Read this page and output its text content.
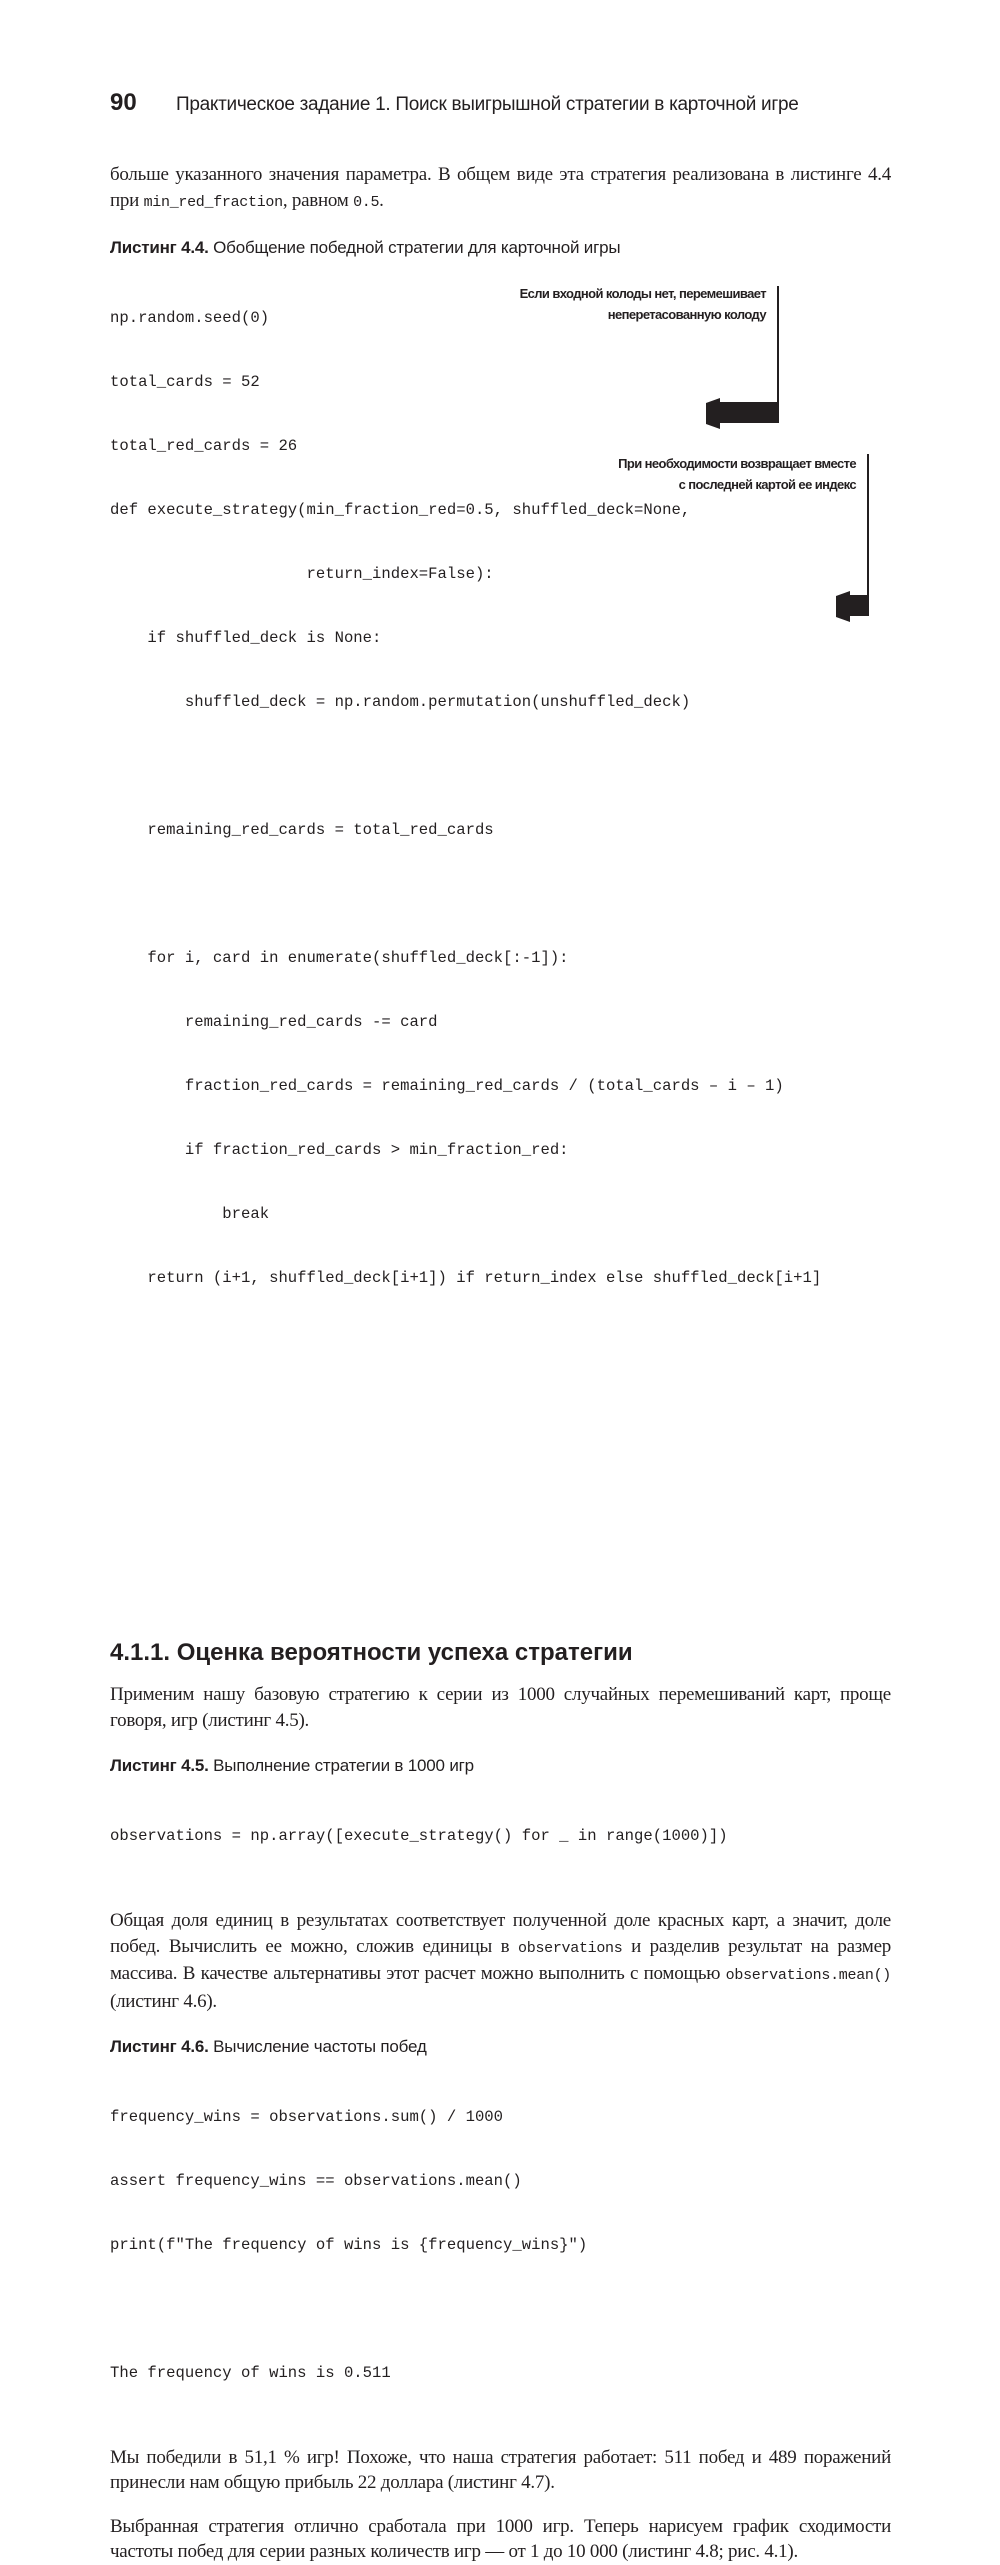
90	Практическое задание 1. Поиск выигрышной стратегии в карточной игре

больше указанного значения параметра. В общем виде эта стратегия реализована в листинге 4.4 при min_red_fraction, равном 0.5.

Листинг 4.4. Обобщение победной стратегии для карточной игры

np.random.seed(0)

total_cards = 52

total_red_cards = 26

def execute_strategy(min_fraction_red=0.5, shuffled_deck=None,

return_index=False):

if shuffled_deck is None:

shuffled_deck = np.random.permutation(unshuffled_deck)

remaining_red_cards = total_red_cards

for i, card in enumerate(shuffled_deck[:-1]):

remaining_red_cards -= card

fraction_red_cards = remaining_red_cards / (total_cards – i – 1)

if fraction_red_cards > min_fraction_red:

break

return (i+1, shuffled_deck[i+1]) if return_index else shuffled_deck[i+1]

Если входной колоды нет, перемешивает
неперетасованную колоду

При необходимости возвращает вместе
с последней картой ее индекс

4.1.1. Оценка вероятности успеха стратегии

Применим нашу базовую стратегию к серии из 1000 случайных перемешиваний карт, проще говоря, игр (листинг 4.5).

Листинг 4.5. Выполнение стратегии в 1000 игр

observations = np.array([execute_strategy() for _ in range(1000)])

Общая доля единиц в результатах соответствует полученной доле красных карт, а значит, доле побед. Вычислить ее можно, сложив единицы в observations и разделив результат на размер массива. В качестве альтернативы этот расчет можно выполнить с помощью observations.mean() (листинг 4.6).

Листинг 4.6. Вычисление частоты побед

frequency_wins = observations.sum() / 1000

assert frequency_wins == observations.mean()

print(f"The frequency of wins is {frequency_wins}")

The frequency of wins is 0.511

Мы победили в 51,1 % игр! Похоже, что наша стратегия работает: 511 побед и 489 поражений принесли нам общую прибыль 22 доллара (листинг 4.7).

Выбранная стратегия отлично сработала при 1000 игр. Теперь нарисуем график сходимости частоты побед для серии разных количеств игр — от 1 до 10 000 (листинг 4.8; рис. 4.1).
